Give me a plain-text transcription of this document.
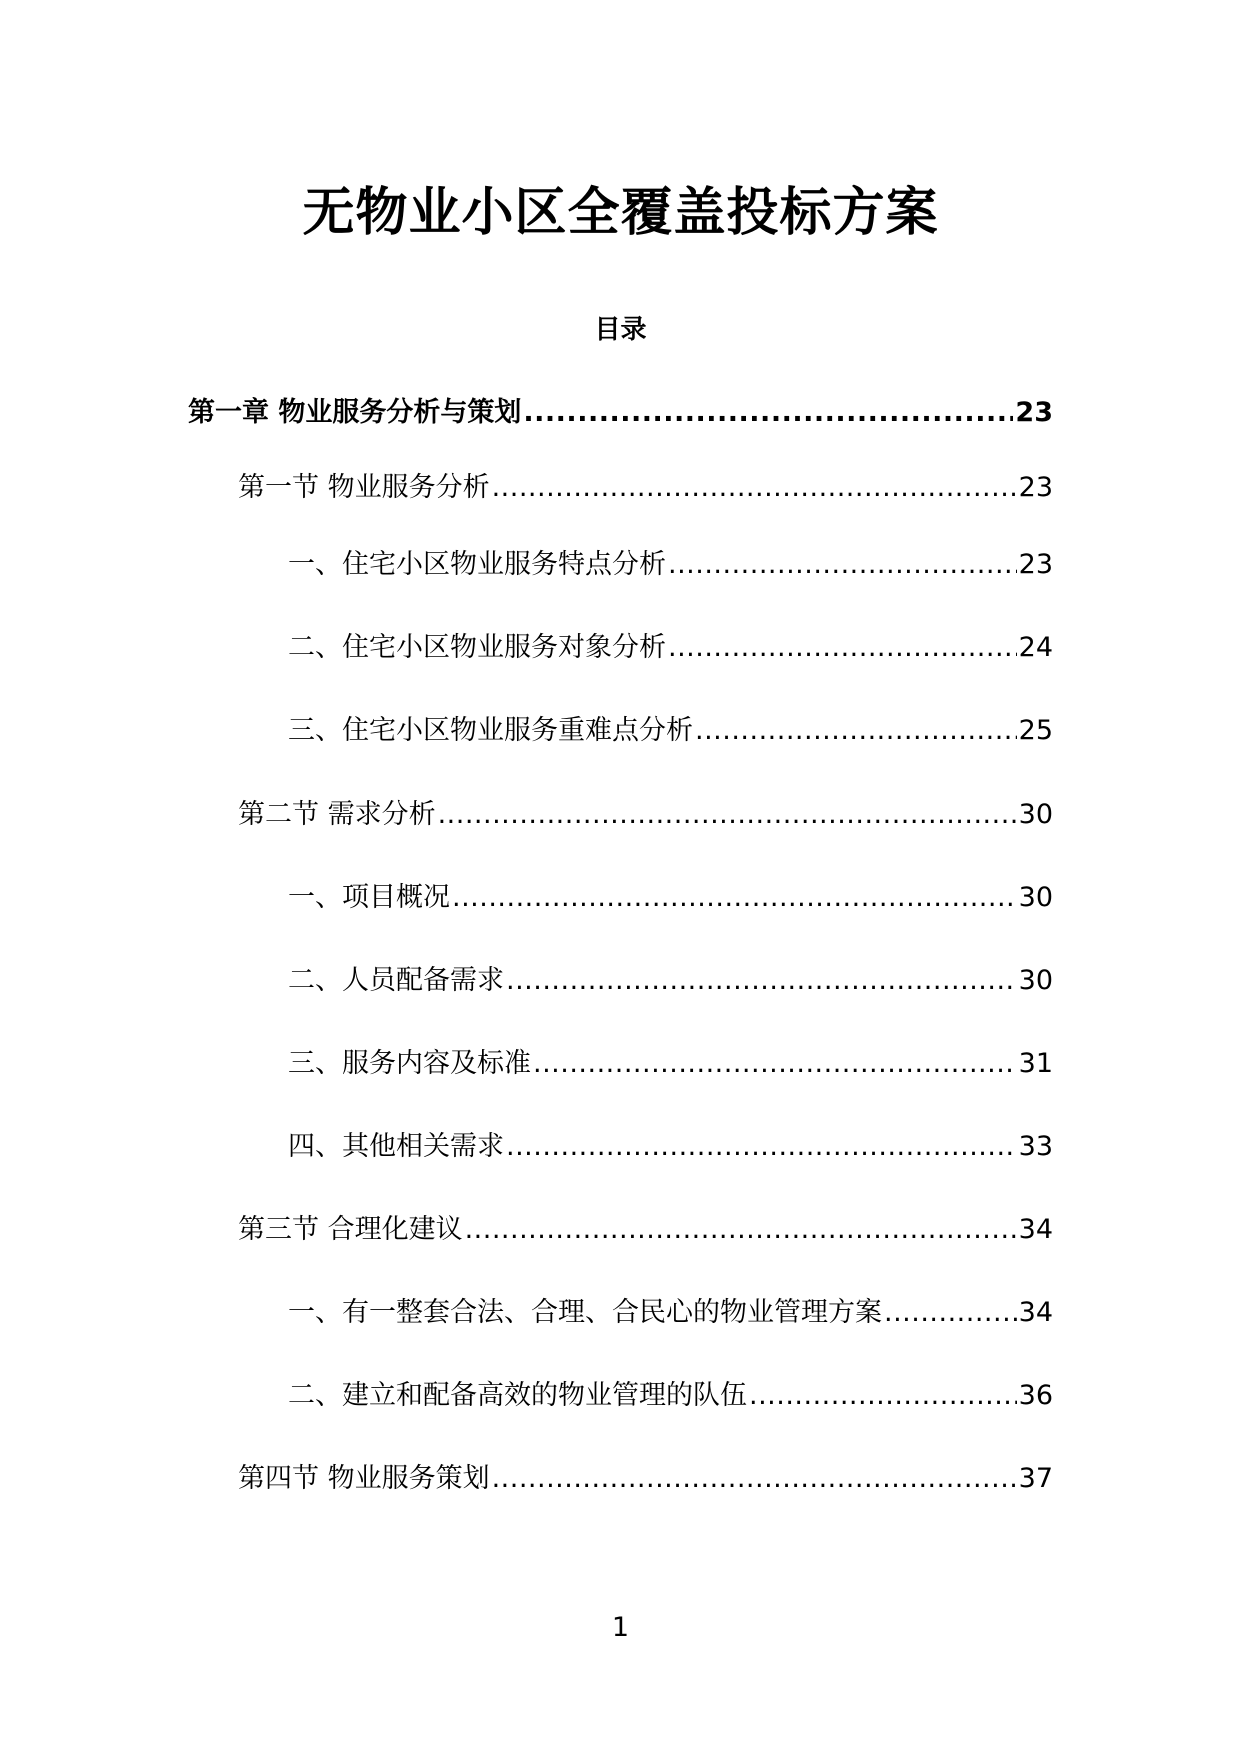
无物业小区全覆盖投标方案
目录
第一章 物业服务分析与策划 .....	23
第一节 物业服务分析 .....	23
一、住宅小区物业服务特点分析 .....	23
二、住宅小区物业服务对象分析 .....	24
三、住宅小区物业服务重难点分析 .....	25
第二节 需求分析 .....	30
一、项目概况 .....	30
二、人员配备需求 .....	30
三、服务内容及标准 .....	31
四、其他相关需求 .....	33
第三节 合理化建议 .....	34
一、有一整套合法、合理、合民心的物业管理方案 .....	34
二、建立和配备高效的物业管理的队伍 .....	36
第四节 物业服务策划 .....	37
1
